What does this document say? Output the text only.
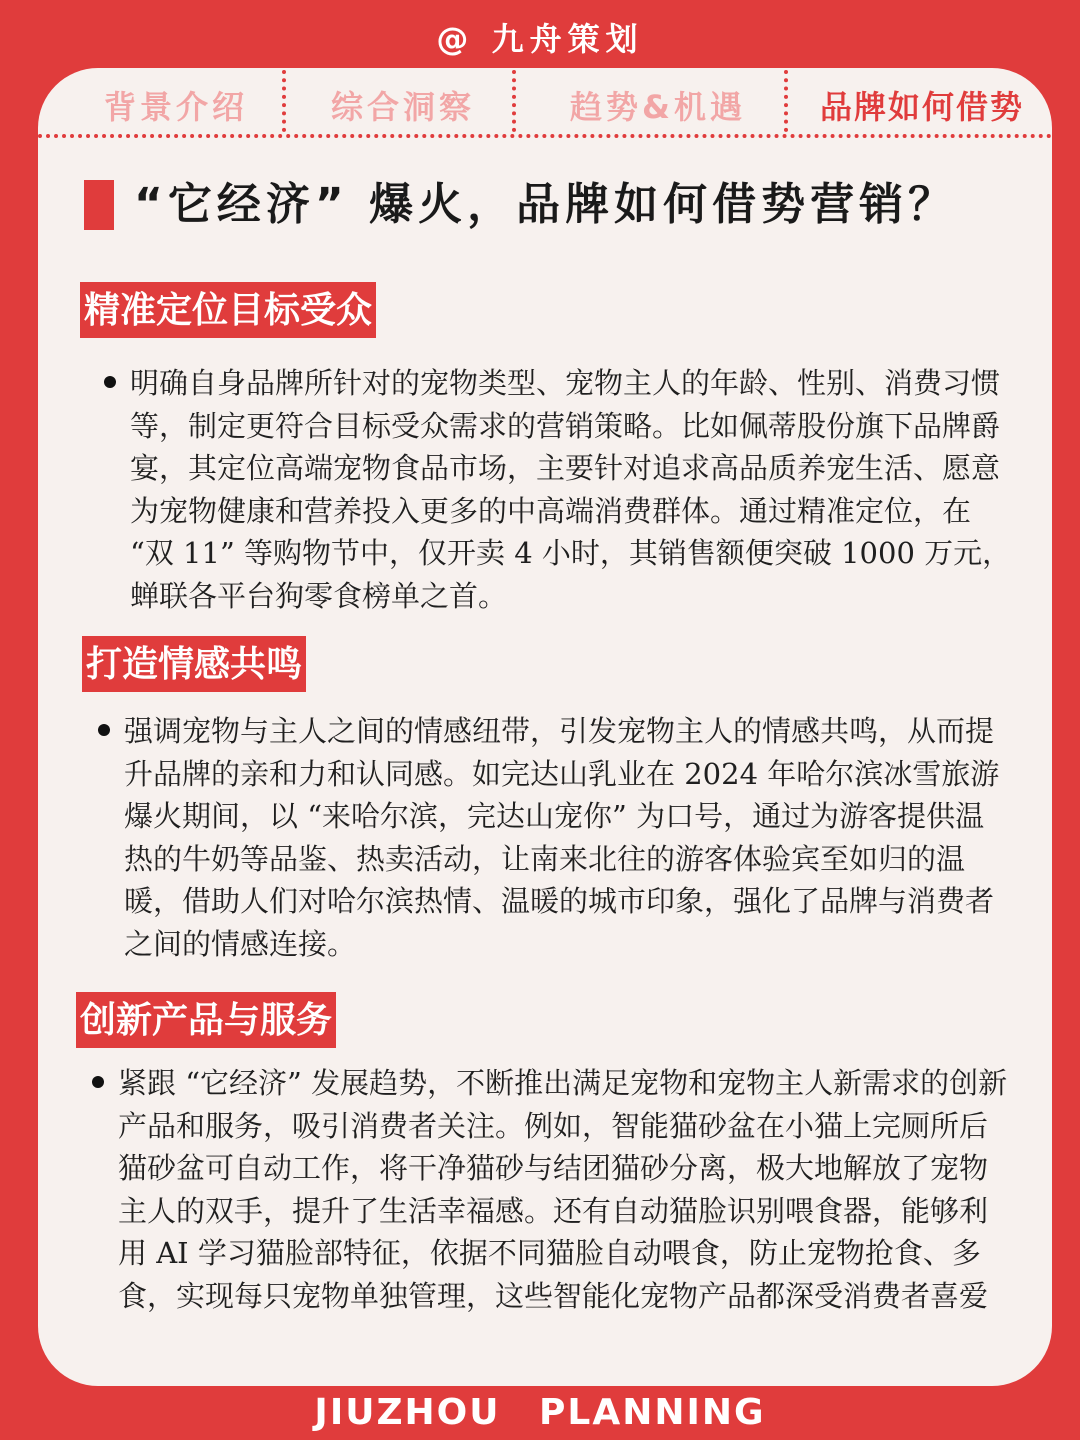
@ 九舟策划
背景介绍	综合洞察	趋势&机遇	品牌如何借势
“它经济” 爆火，品牌如何借势营销？
精准定位目标受众
明确自身品牌所针对的宠物类型、宠物主人的年龄、性别、消费习惯等，制定更符合目标受众需求的营销策略。比如佩蒂股份旗下品牌爵宴，其定位高端宠物食品市场，主要针对追求高品质养宠生活、愿意为宠物健康和营养投入更多的中高端消费群体。通过精准定位，在 “双 11” 等购物节中，仅开卖 4 小时，其销售额便突破 1000 万元，蝉联各平台狗零食榜单之首。
打造情感共鸣
强调宠物与主人之间的情感纽带，引发宠物主人的情感共鸣，从而提升品牌的亲和力和认同感。如完达山乳业在 2024 年哈尔滨冰雪旅游爆火期间，以 “来哈尔滨，完达山宠你” 为口号，通过为游客提供温热的牛奶等品鉴、热卖活动，让南来北往的游客体验宾至如归的温暖，借助人们对哈尔滨热情、温暖的城市印象，强化了品牌与消费者之间的情感连接。
创新产品与服务
紧跟 “它经济” 发展趋势，不断推出满足宠物和宠物主人新需求的创新产品和服务，吸引消费者关注。例如，智能猫砂盆在小猫上完厕所后猫砂盆可自动工作，将干净猫砂与结团猫砂分离，极大地解放了宠物主人的双手，提升了生活幸福感。还有自动猫脸识别喂食器，能够利用 AI 学习猫脸部特征，依据不同猫脸自动喂食，防止宠物抢食、多食，实现每只宠物单独管理，这些智能化宠物产品都深受消费者喜爱
JIUZHOU PLANNING
